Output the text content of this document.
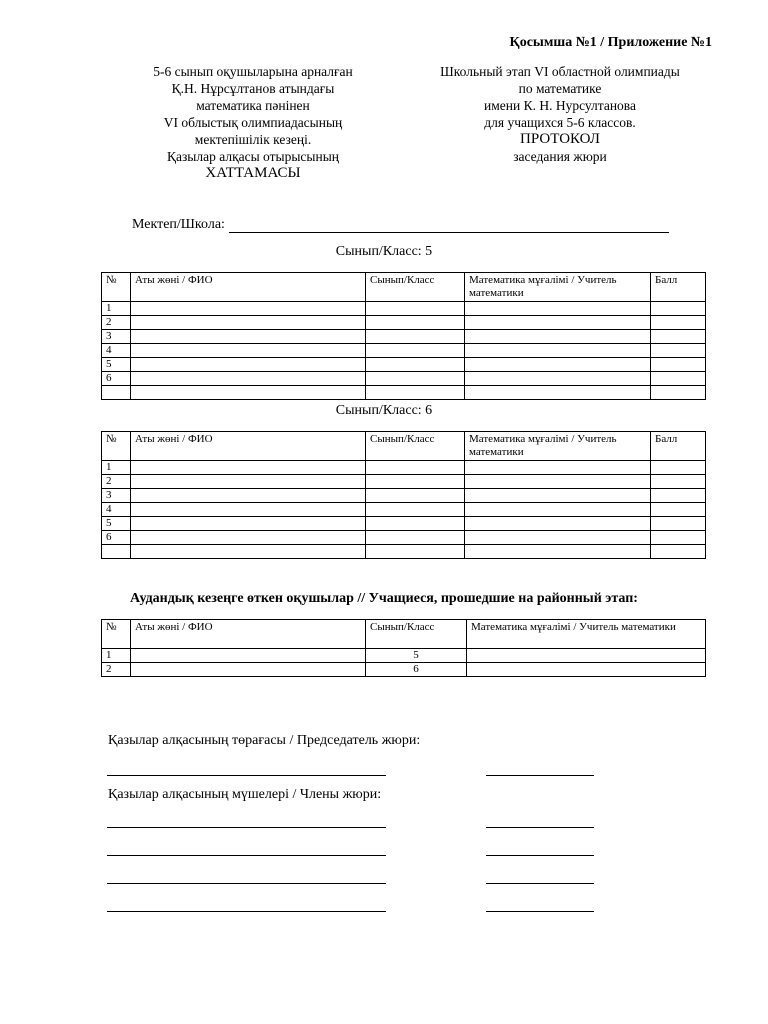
Қосымша №1 / Приложение №1
5-6 сынып оқушыларына арналған
Қ.Н. Нұрсұлтанов атындағы
математика пәнінен
VI облыстық олимпиадасының
мектепішілік кезеңі.
Қазылар алқасы отырысының
ХАТТАМАСЫ
Школьный этап VI областной олимпиады
по математике
имени К. Н. Нурсултанова
для учащихся 5-6 классов.
ПРОТОКОЛ
заседания жюри
Мектеп/Школа:
Сынып/Класс: 5
№	Аты жөні / ФИО	Сынып/Класс	Математика мұғалімі / Учитель математики	Балл
1				
2				
3				
4				
5				
6				

Сынып/Класс: 6
№	Аты жөні / ФИО	Сынып/Класс	Математика мұғалімі / Учитель математики	Балл
1				
2				
3				
4				
5				
6				

Аудандық кезеңге өткен оқушылар // Учащиеся, прошедшие на районный этап:
№	Аты жөні / ФИО	Сынып/Класс	Математика мұғалімі / Учитель математики
1		5	
2		6	
Қазылар алқасының төрағасы / Председатель жюри:
Қазылар алқасының мүшелері / Члены жюри:
